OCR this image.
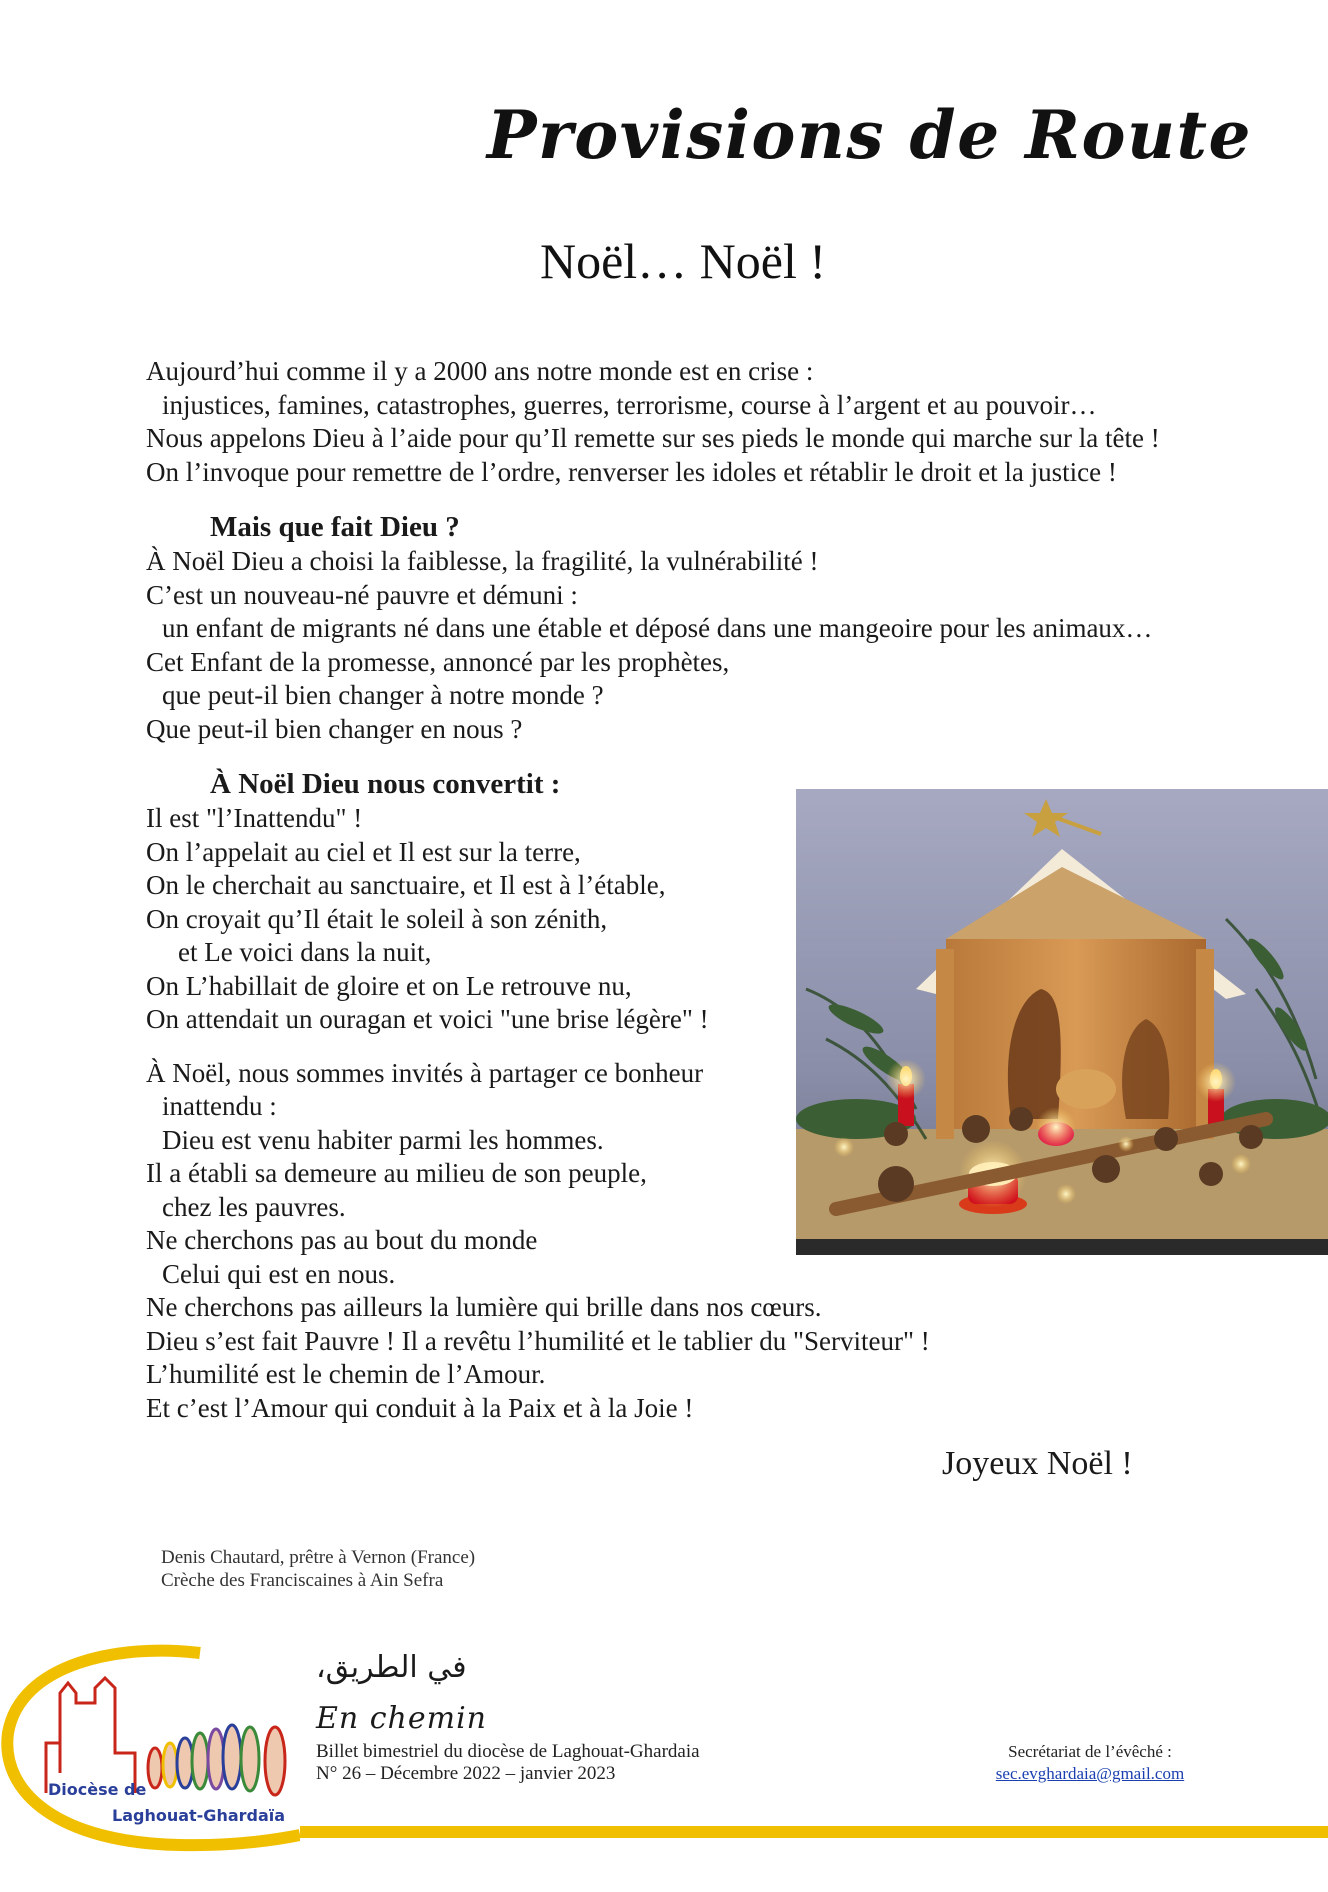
Provisions de Route
Noël… Noël !
Aujourd’hui comme il y a 2000 ans notre monde est en crise :
injustices, famines, catastrophes, guerres, terrorisme, course à l’argent et au pouvoir…
Nous appelons Dieu à l’aide pour qu’Il remette sur ses pieds le monde qui marche sur la tête !
On l’invoque pour remettre de l’ordre, renverser les idoles et rétablir le droit et la justice !
Mais que fait Dieu ?
À Noël Dieu a choisi la faiblesse, la fragilité, la vulnérabilité !
C’est un nouveau-né pauvre et démuni :
un enfant de migrants né dans une étable et déposé dans une mangeoire pour les animaux…
Cet Enfant de la promesse, annoncé par les prophètes,
que peut-il bien changer à notre monde ?
Que peut-il bien changer en nous ?
À Noël Dieu nous convertit :
Il est "l’Inattendu" !
On l’appelait au ciel et Il est sur la terre,
On le cherchait au sanctuaire, et Il est à l’étable,
On croyait qu’Il était le soleil à son zénith,
et Le voici dans la nuit,
On L’habillait de gloire et on Le retrouve nu,
On attendait un ouragan et voici "une brise légère" !
À Noël, nous sommes invités à partager ce bonheur
inattendu :
Dieu est venu habiter parmi les hommes.
Il a établi sa demeure au milieu de son peuple,
chez les pauvres.
Ne cherchons pas au bout du monde
Celui qui est en nous.
Ne cherchons pas ailleurs la lumière qui brille dans nos cœurs.
Dieu s’est fait Pauvre ! Il a revêtu l’humilité et le tablier du "Serviteur" !
L’humilité est le chemin de l’Amour.
Et c’est l’Amour qui conduit à la Paix et à la Joie !
Joyeux Noël !
Denis Chautard, prêtre à Vernon (France)
Crèche des Franciscaines à Ain Sefra
Diocèse de
Laghouat-Ghardaïa
في الطريق،
En chemin
Billet bimestriel du diocèse de Laghouat-Ghardaia
N° 26 – Décembre 2022 – janvier 2023
Secrétariat de l’évêché :
sec.evghardaia@gmail.com
